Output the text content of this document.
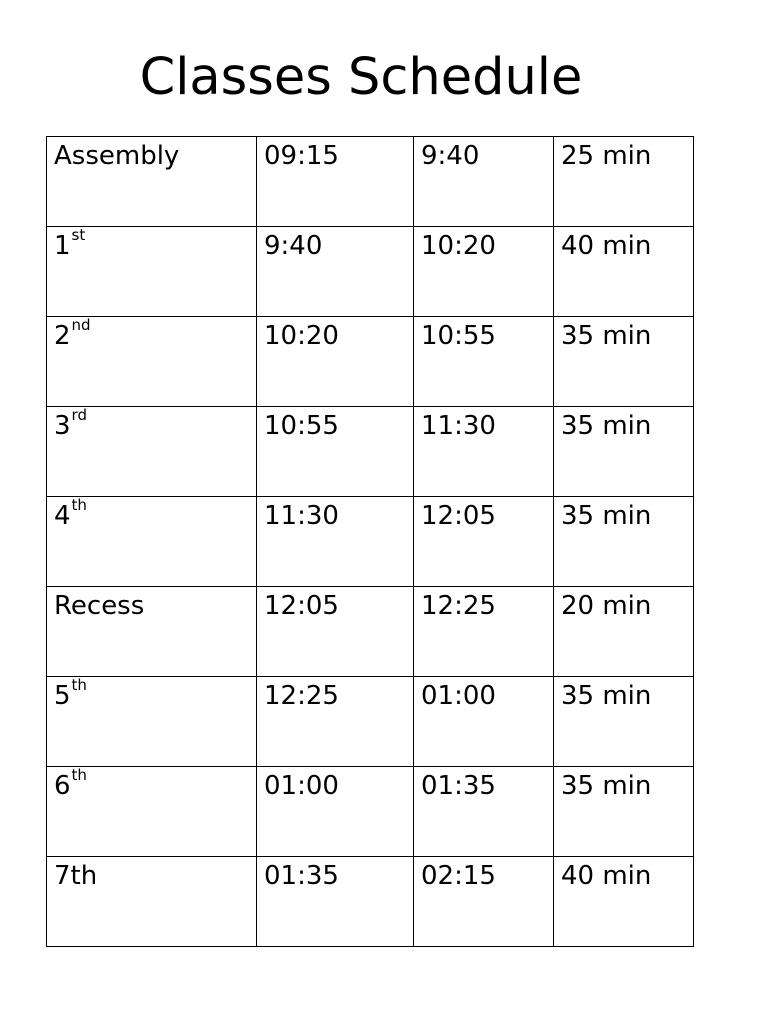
Classes Schedule
Assembly	09:15	9:40	25 min
1st	9:40	10:20	40 min
2nd	10:20	10:55	35 min
3rd	10:55	11:30	35 min
4th	11:30	12:05	35 min
Recess	12:05	12:25	20 min
5th	12:25	01:00	35 min
6th	01:00	01:35	35 min
7th	01:35	02:15	40 min
